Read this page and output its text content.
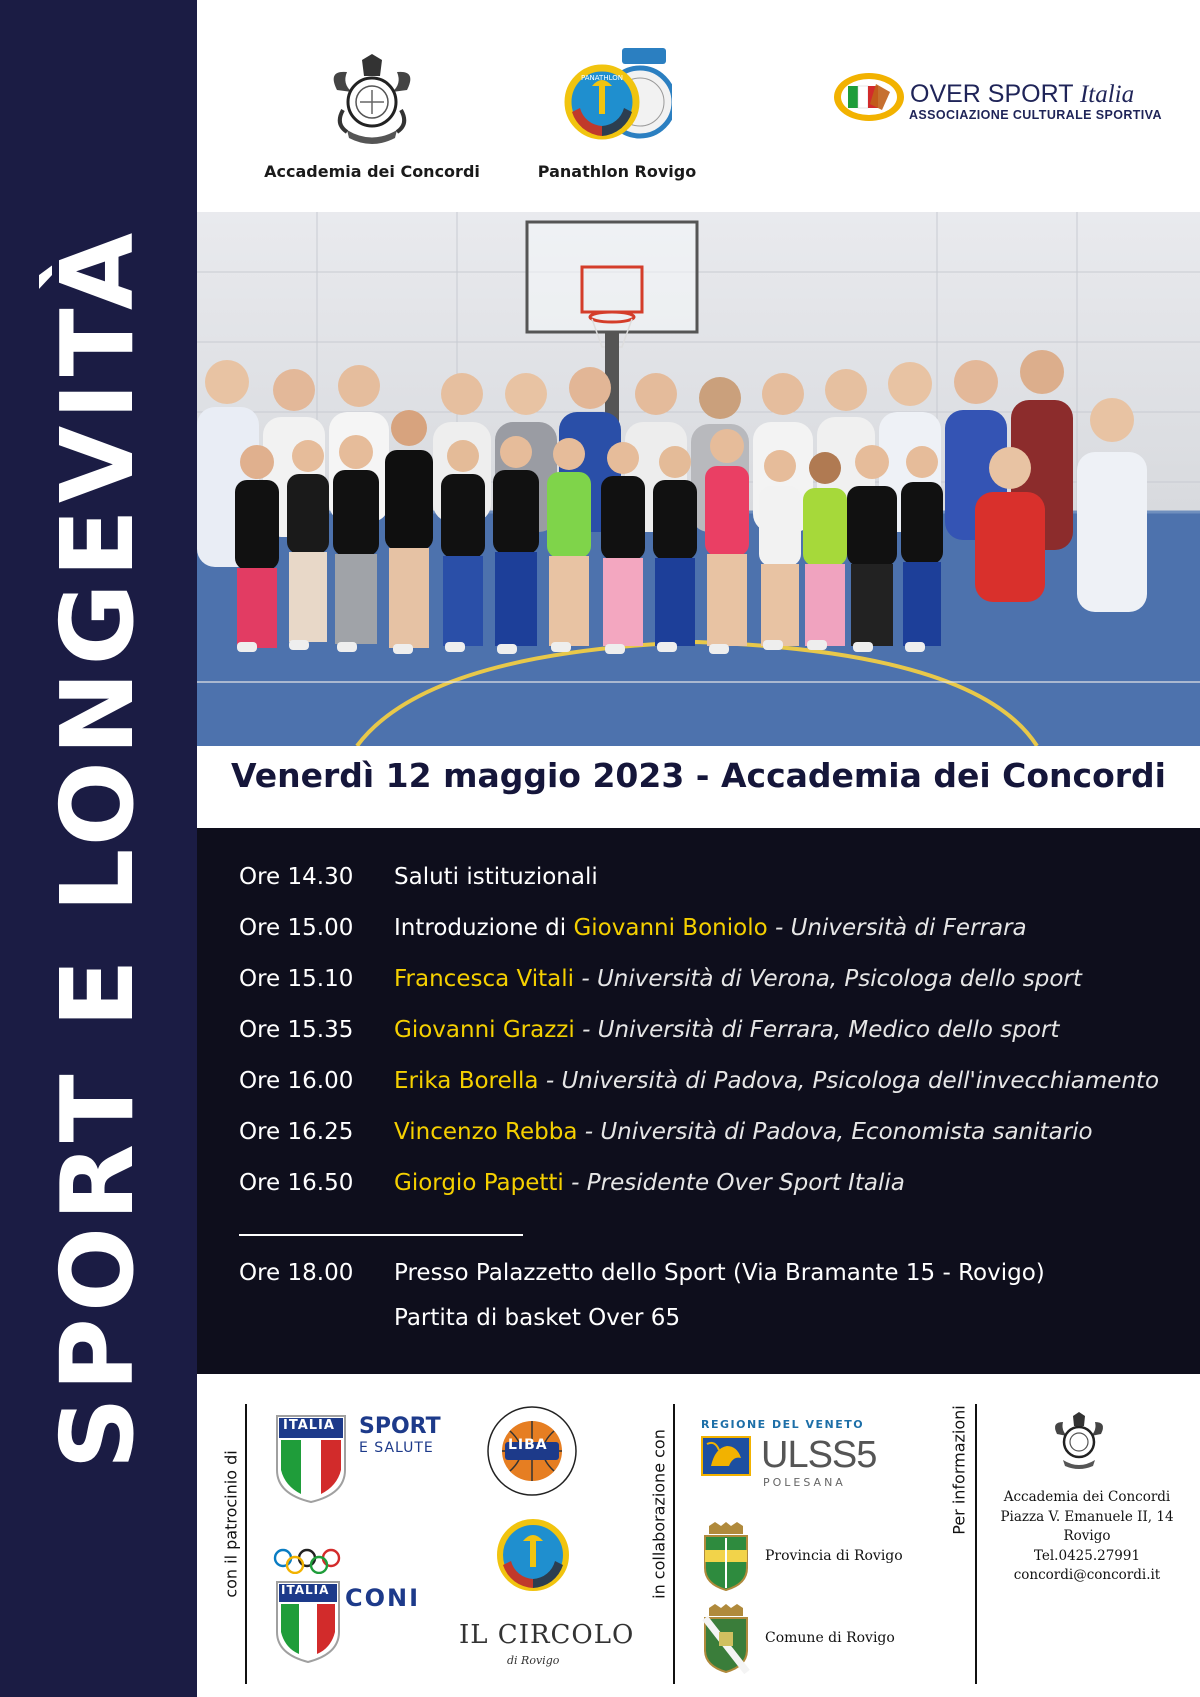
SPORT E LONGEVITÀ
Accademia dei Concordi
PANATHLON
Panathlon Rovigo
OVER SPORT Italia
ASSOCIAZIONE CULTURALE SPORTIVA
Venerdì 12 maggio 2023 - Accademia dei Concordi
Ore 14.30 Saluti istituzionali
Ore 15.00 Introduzione di Giovanni Boniolo - Università di Ferrara
Ore 15.10 Francesca Vitali - Università di Verona, Psicologa dello sport
Ore 15.35 Giovanni Grazzi - Università di Ferrara, Medico dello sport
Ore 16.00 Erika Borella - Università di Padova, Psicologa dell'invecchiamento
Ore 16.25 Vincenzo Rebba - Università di Padova, Economista sanitario
Ore 16.50 Giorgio Papetti - Presidente Over Sport Italia
Ore 18.00 Presso Palazzetto dello Sport (Via Bramante 15 - Rovigo)
Partita di basket Over 65
con il patrocinio di
ITALIA SPORT
E SALUTE
ITALIA CONI
LIBA
IL CIRCOLO
di Rovigo
in collaborazione con
REGIONE DEL VENETO
ULSS5
POLESANA
Provincia di Rovigo
Comune di Rovigo
Per informazioni	Accademia dei Concordi
Piazza V. Emanuele II, 14
Rovigo
Tel.0425.27991
concordi@concordi.it
